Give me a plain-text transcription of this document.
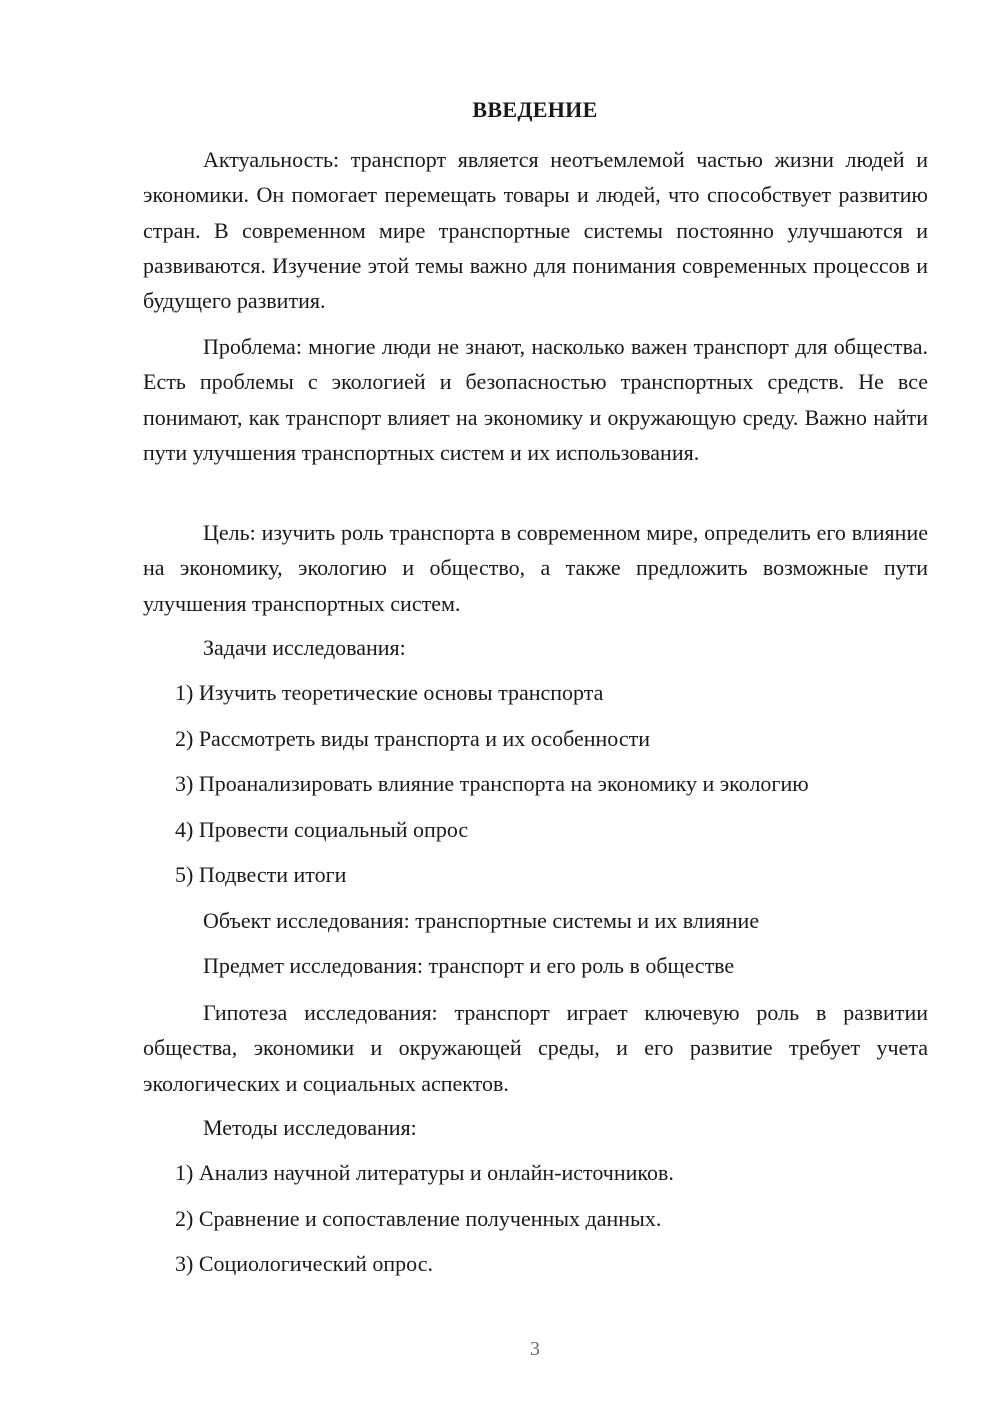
ВВЕДЕНИЕ

Актуальность: транспорт является неотъемлемой частью жизни людей и экономики. Он помогает перемещать товары и людей, что способствует развитию стран. В современном мире транспортные системы постоянно улучшаются и развиваются. Изучение этой темы важно для понимания современных процессов и будущего развития.

Проблема: многие люди не знают, насколько важен транспорт для общества. Есть проблемы с экологией и безопасностью транспортных средств. Не все понимают, как транспорт влияет на экономику и окружающую среду. Важно найти пути улучшения транспортных систем и их использования.

Цель: изучить роль транспорта в современном мире, определить его влияние на экономику, экологию и общество, а также предложить возможные пути улучшения транспортных систем.

Задачи исследования:
1) Изучить теоретические основы транспорта
2) Рассмотреть виды транспорта и их особенности
3) Проанализировать влияние транспорта на экономику и экологию
4) Провести социальный опрос
5) Подвести итоги
Объект исследования: транспортные системы и их влияние
Предмет исследования: транспорт и его роль в обществе

Гипотеза исследования: транспорт играет ключевую роль в развитии общества, экономики и окружающей среды, и его развитие требует учета экологических и социальных аспектов.

Методы исследования:
1) Анализ научной литературы и онлайн-источников.
2) Сравнение и сопоставление полученных данных.
3) Социологический опрос.
3
